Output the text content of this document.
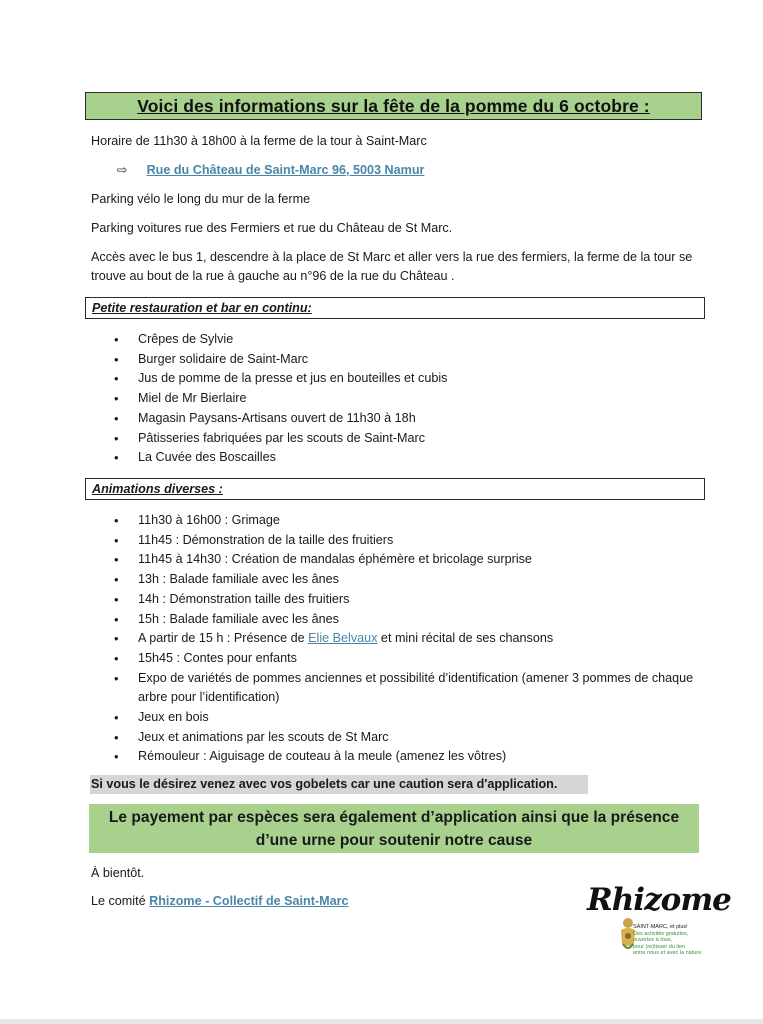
Voici des informations sur la fête de la pomme du 6 octobre :
Horaire de 11h30 à 18h00 à la ferme de la tour à Saint-Marc
⇨ Rue du Château de Saint-Marc 96, 5003 Namur
Parking vélo le long du mur de la ferme
Parking voitures rue des Fermiers et rue du Château de St Marc.
Accès avec le bus 1, descendre à la place de St Marc et aller vers la rue des fermiers, la ferme de la tour se trouve au bout de la rue à gauche au n°96 de la rue du Château .
Petite restauration et bar en continu:
• Crêpes de Sylvie
• Burger solidaire de Saint-Marc
• Jus de pomme de la presse et jus en bouteilles et cubis
• Miel de Mr Bierlaire
• Magasin Paysans-Artisans ouvert de 11h30 à 18h
• Pâtisseries fabriquées par les scouts de Saint-Marc
• La Cuvée des Boscailles
Animations diverses :
• 11h30 à 16h00 : Grimage
• 11h45 : Démonstration de la taille des fruitiers
• 11h45 à 14h30 : Création de mandalas éphémère et bricolage surprise
• 13h : Balade familiale avec les ânes
• 14h : Démonstration taille des fruitiers
• 15h : Balade familiale avec les ânes
• A partir de 15 h : Présence de Elie Belvaux et mini récital de ses chansons
• 15h45 : Contes pour enfants
• Expo de variétés de pommes anciennes et possibilité d’identification (amener 3 pommes de chaque arbre pour l’identification)
• Jeux en bois
• Jeux et animations par les scouts de St Marc
• Rémouleur : Aiguisage de couteau à la meule (amenez les vôtres)
Si vous le désirez venez avec vos gobelets car une caution sera d'application.
Le payement par espèces sera également d’application ainsi que la présence d’une urne pour soutenir notre cause
À bientôt.
Le comité Rhizome - Collectif de Saint-Marc	Rhizome
SAINT-MARC, et plus!
Des activités gratuites,
ouvertes à tous,
pour (re)tisser du lien
entre nous et avec la nature.
